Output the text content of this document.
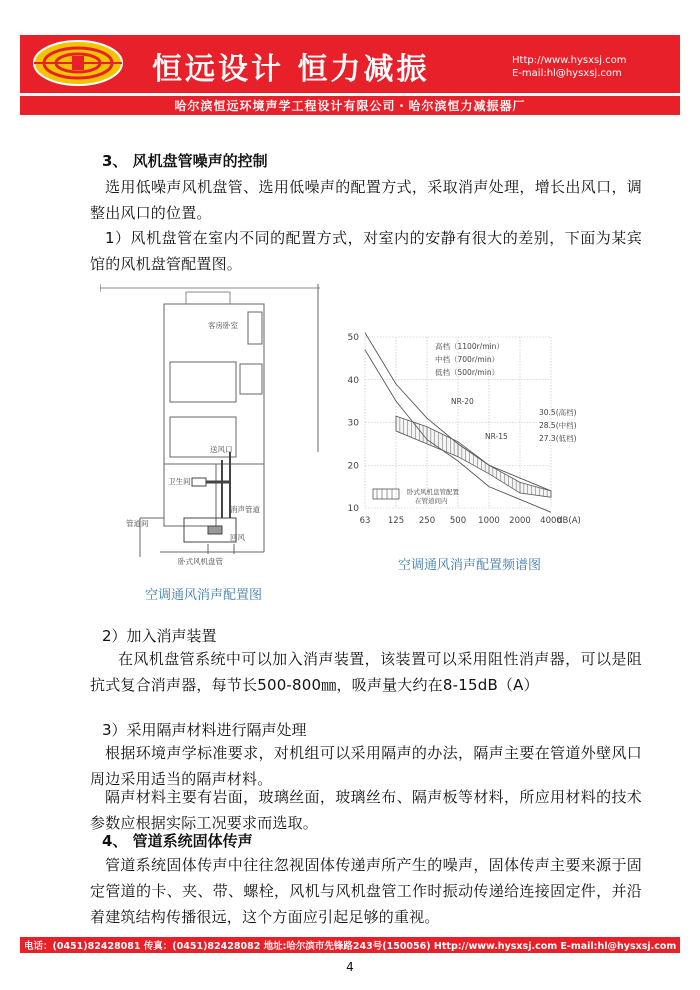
恒远设计 恒力减振	Http://www.hysxsj.com
E-mail:hl@hysxsj.com
哈尔滨恒远环境声学工程设计有限公司・哈尔滨恒力减振器厂
3、 风机盘管噪声的控制

选用低噪声风机盘管、选用低噪声的配置方式，采取消声处理，增长出风口，调整出风口的位置。

1）风机盘管在室内不同的配置方式，对室内的安静有很大的差别，下面为某宾馆的风机盘管配置图。

客房卧室
送风口
卫生间
消声管道
管道间
回风
卧式风机盘管
空调通风消声配置图
10
20
30
40
50
63 125 250 500 1000 2000 4000
dB(A)
高档（1100r/min）
中档（700r/min）
低档（500r/min）
NR-20
NR-15
30.5(高档)
28.5(中档)
27.3(低档)
卧式风机盘管配置
在管道间内
空调通风消声配置频谱图
2）加入消声装置

在风机盘管系统中可以加入消声装置，该装置可以采用阻性消声器，可以是阻抗式复合消声器，每节长500-800㎜，吸声量大约在8-15dB（A）

3）采用隔声材料进行隔声处理

根据环境声学标准要求，对机组可以采用隔声的办法，隔声主要在管道外壁风口周边采用适当的隔声材料。

隔声材料主要有岩面，玻璃丝面，玻璃丝布、隔声板等材料，所应用材料的技术参数应根据实际工况要求而选取。

4、 管道系统固体传声

管道系统固体传声中往往忽视固体传递声所产生的噪声，固体传声主要来源于固定管道的卡、夹、带、螺栓，风机与风机盘管工作时振动传递给连接固定件，并沿着建筑结构传播很远，这个方面应引起足够的重视。

电话：(0451)82428081 传真：(0451)82428082 地址:哈尔滨市先锋路243号(150056) Http://www.hysxsj.com E-mail:hl@hysxsj.com
4
